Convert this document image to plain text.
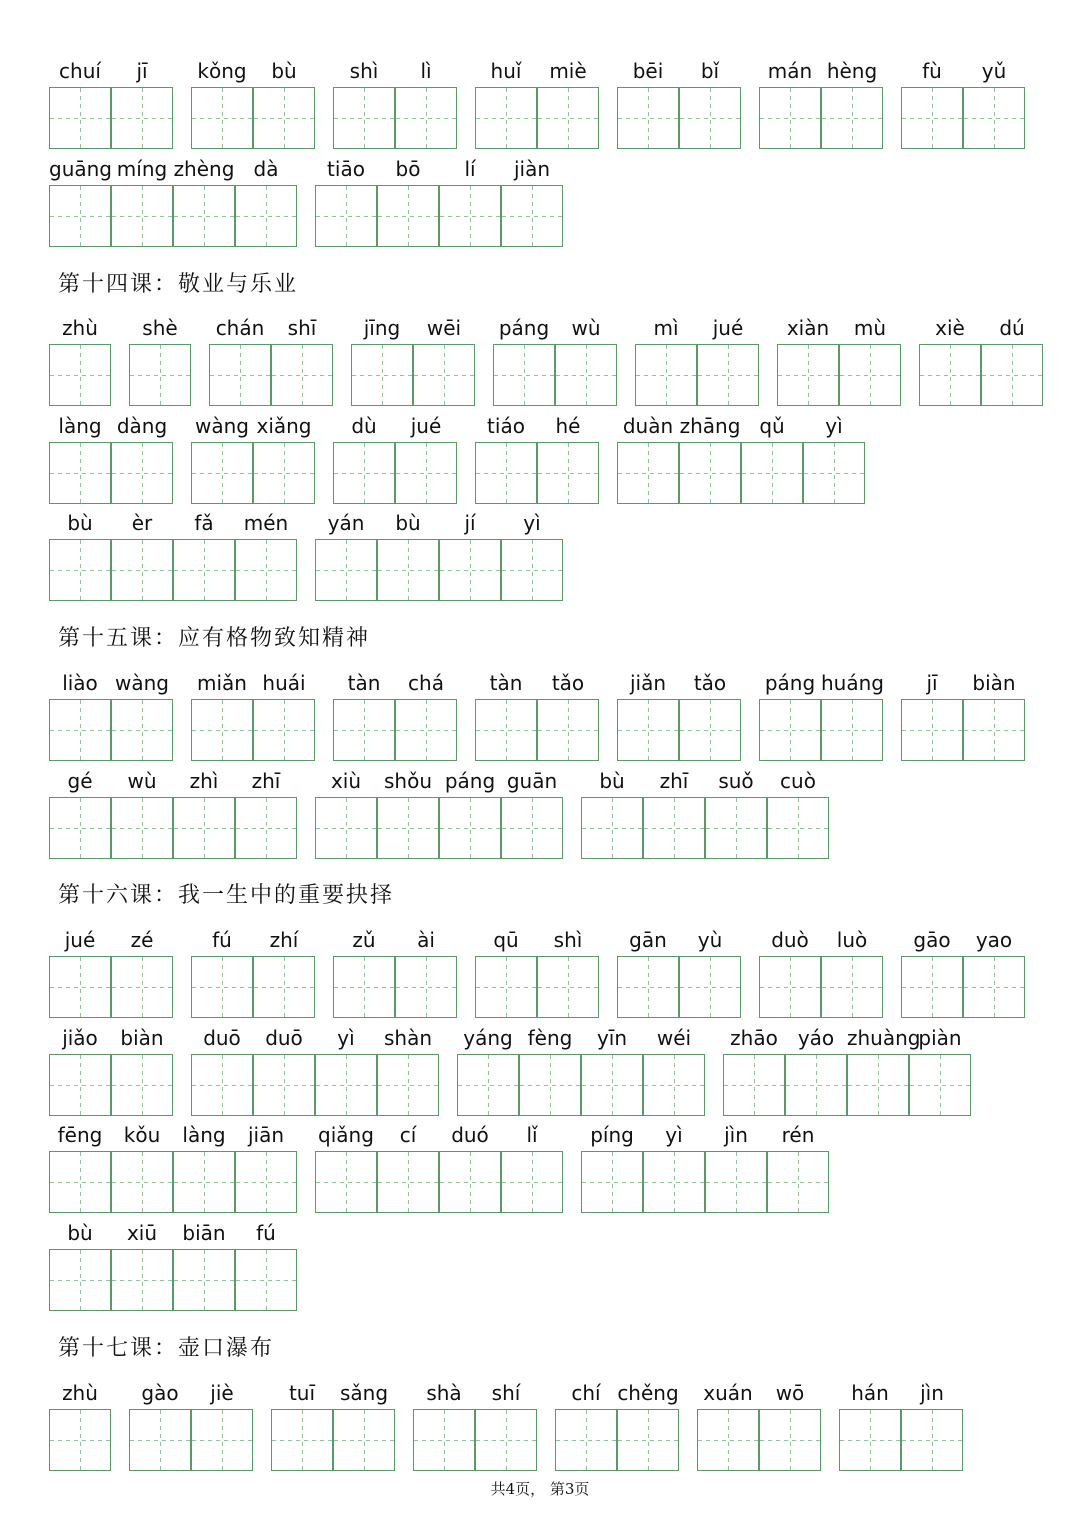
chuí	jī	kǒng	bù	shì	lì	huǐ	miè	bēi	bǐ	mán hèng	fù	yǔ
guāng míng zhèng dà	tiāo	bō	lí	jiàn
第十四课：敬业与乐业
zhù	shè	chán	shī	jīng	wēi	páng	wù	mì	jué	xiàn	mù	xiè	dú
làng dàng wàng xiǎng	dù	jué	tiáo	hé	duàn zhāng qǔ	yì
bù	èr	fǎ	mén	yán	bù	jí	yì
第十五课：应有格物致知精神
liào wàng	miǎn huái	tàn	chá	tàn	tǎo	jiǎn	tǎo	páng huáng	jī	biàn
gé	wù	zhì	zhī	xiù	shǒu páng guān	bù	zhī	suǒ	cuò
第十六课：我一生中的重要抉择
jué	zé	fú	zhí	zǔ	ài	qū	shì	gān	yù	duò	luò	gāo	yao
jiǎo	biàn	duō	duō	yì	shàn	yáng fèng	yīn	wéi	zhāo	yáo zhuàng
piàn
fēng	kǒu	làng	jiān	qiǎng	cí	duó	lǐ	píng	yì	jìn	rén
bù	xiū	biān	fú
第十七课：壶口瀑布
zhù	gào	jiè	tuī	sǎng	shà	shí	chí chěng	xuán	wō	hán	jìn
共4页， 第3页
